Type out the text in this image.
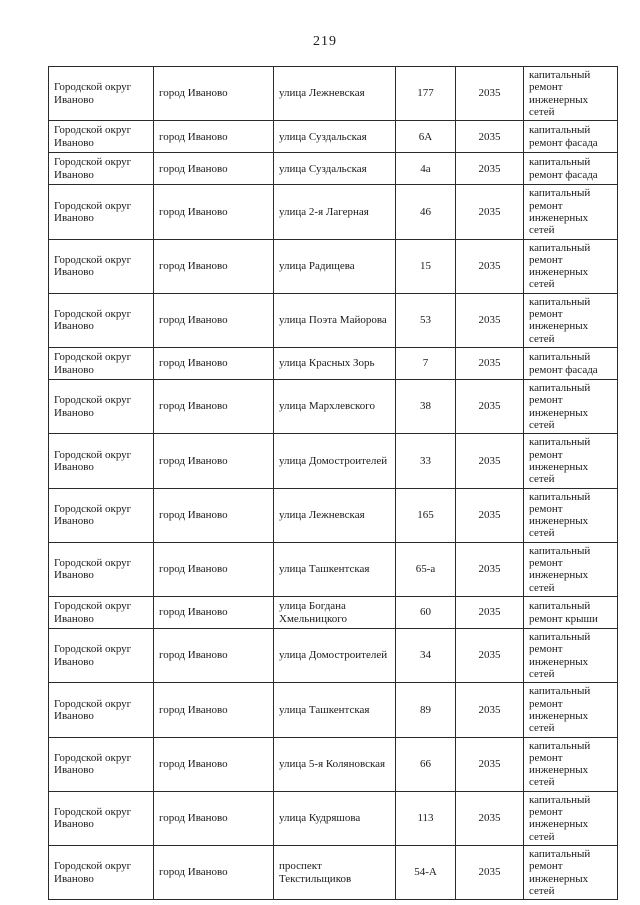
219
Городской округ Иваново	город Иваново	улица Лежневская	177	2035	капитальный ремонт инженерных сетей
Городской округ Иваново	город Иваново	улица Суздальская	6А	2035	капитальный ремонт фасада
Городской округ Иваново	город Иваново	улица Суздальская	4а	2035	капитальный ремонт фасада
Городской округ Иваново	город Иваново	улица 2-я Лагерная	46	2035	капитальный ремонт инженерных сетей
Городской округ Иваново	город Иваново	улица Радищева	15	2035	капитальный ремонт инженерных сетей
Городской округ Иваново	город Иваново	улица Поэта Майорова	53	2035	капитальный ремонт инженерных сетей
Городской округ Иваново	город Иваново	улица Красных Зорь	7	2035	капитальный ремонт фасада
Городской округ Иваново	город Иваново	улица Мархлевского	38	2035	капитальный ремонт инженерных сетей
Городской округ Иваново	город Иваново	улица Домостроителей	33	2035	капитальный ремонт инженерных сетей
Городской округ Иваново	город Иваново	улица Лежневская	165	2035	капитальный ремонт инженерных сетей
Городской округ Иваново	город Иваново	улица Ташкентская	65-а	2035	капитальный ремонт инженерных сетей
Городской округ Иваново	город Иваново	улица Богдана Хмельницкого	60	2035	капитальный ремонт крыши
Городской округ Иваново	город Иваново	улица Домостроителей	34	2035	капитальный ремонт инженерных сетей
Городской округ Иваново	город Иваново	улица Ташкентская	89	2035	капитальный ремонт инженерных сетей
Городской округ Иваново	город Иваново	улица 5-я Коляновская	66	2035	капитальный ремонт инженерных сетей
Городской округ Иваново	город Иваново	улица Кудряшова	113	2035	капитальный ремонт инженерных сетей
Городской округ Иваново	город Иваново	проспект Текстильщиков	54-А	2035	капитальный ремонт инженерных сетей
